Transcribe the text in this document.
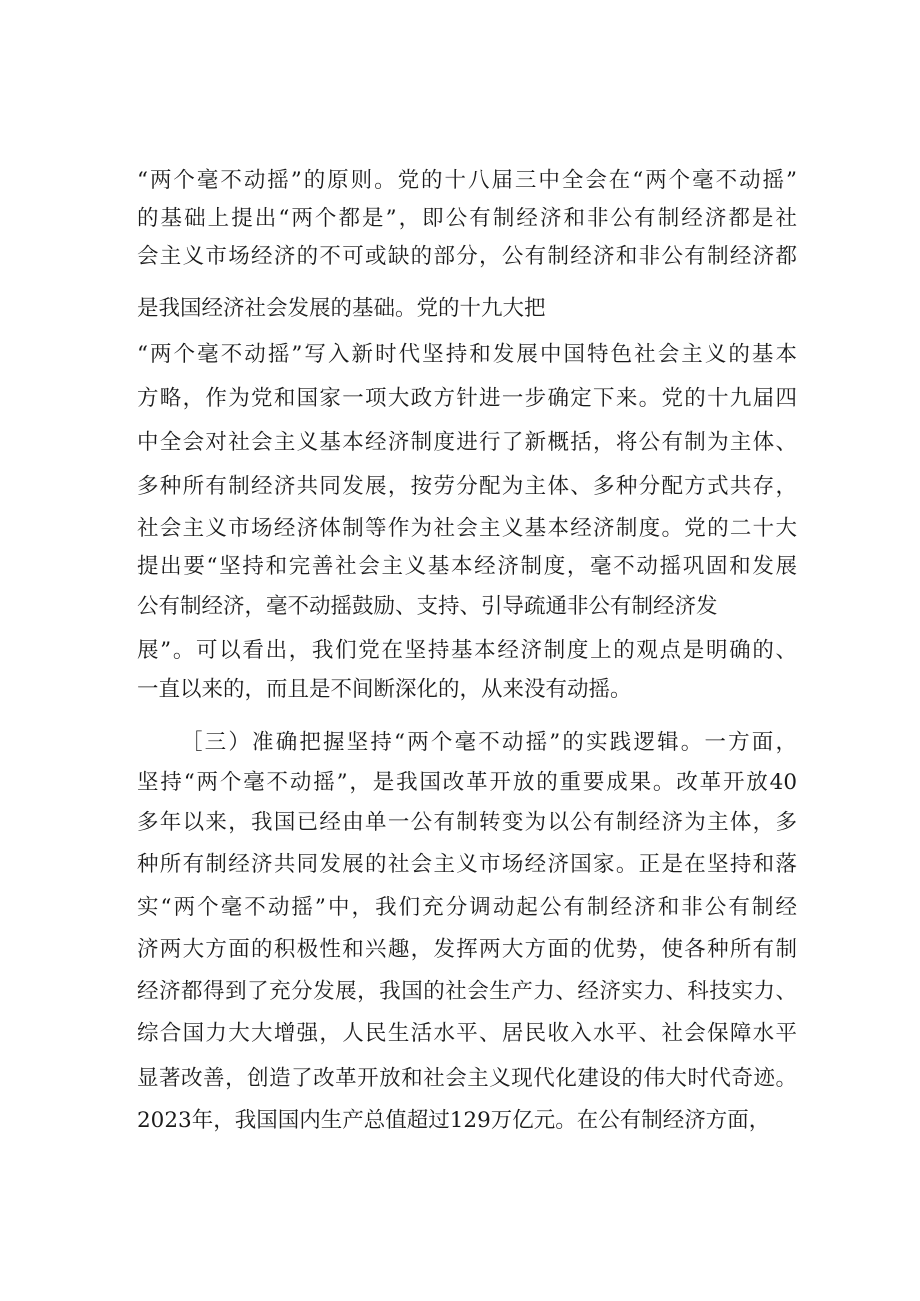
“两个毫不动摇”的原则。党的十八届三中全会在“两个毫不动摇”
的基础上提出“两个都是”，即公有制经济和非公有制经济都是社
会主义市场经济的不可或缺的部分，公有制经济和非公有制经济都
是我国经济社会发展的基础。党的十九大把
“两个毫不动摇”写入新时代坚持和发展中国特色社会主义的基本
方略，作为党和国家一项大政方针进一步确定下来。党的十九届四
中全会对社会主义基本经济制度进行了新概括，将公有制为主体、
多种所有制经济共同发展，按劳分配为主体、多种分配方式共存，
社会主义市场经济体制等作为社会主义基本经济制度。党的二十大
提出要“坚持和完善社会主义基本经济制度，毫不动摇巩固和发展
公有制经济，毫不动摇鼓励、支持、引导疏通非公有制经济发
展”。可以看出，我们党在坚持基本经济制度上的观点是明确的、
一直以来的，而且是不间断深化的，从来没有动摇。
［三）准确把握坚持“两个毫不动摇”的实践逻辑。一方面，
坚持“两个毫不动摇”，是我国改革开放的重要成果。改革开放40
多年以来，我国已经由单一公有制转变为以公有制经济为主体，多
种所有制经济共同发展的社会主义市场经济国家。正是在坚持和落
实“两个毫不动摇”中，我们充分调动起公有制经济和非公有制经
济两大方面的积极性和兴趣，发挥两大方面的优势，使各种所有制
经济都得到了充分发展，我国的社会生产力、经济实力、科技实力、
综合国力大大增强，人民生活水平、居民收入水平、社会保障水平
显著改善，创造了改革开放和社会主义现代化建设的伟大时代奇迹。
2023年，我国国内生产总值超过129万亿元。在公有制经济方面，
